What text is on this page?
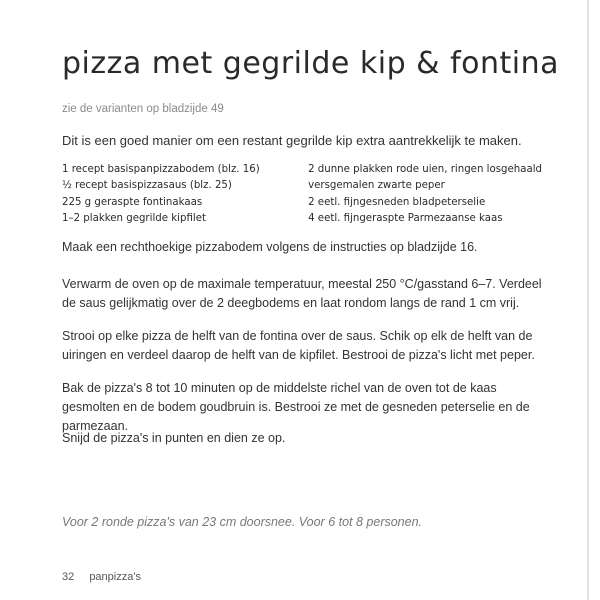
pizza met gegrilde kip & fontina
zie de varianten op bladzijde 49
Dit is een goed manier om een restant gegrilde kip extra aantrekkelijk te maken.
1 recept basispanpizzabodem (blz. 16)
½ recept basispizzasaus (blz. 25)
225 g geraspte fontinakaas
1–2 plakken gegrilde kipfilet
2 dunne plakken rode uien, ringen losgehaald
versgemalen zwarte peper
2 eetl. fijngesneden bladpeterselie
4 eetl. fijngeraspte Parmezaanse kaas
Maak een rechthoekige pizzabodem volgens de instructies op bladzijde 16.
Verwarm de oven op de maximale temperatuur, meestal 250 °C/gasstand 6–7. Verdeel de saus gelijkmatig over de 2 deegbodems en laat rondom langs de rand 1 cm vrij.
Strooi op elke pizza de helft van de fontina over de saus. Schik op elk de helft van de uiringen en verdeel daarop de helft van de kipfilet. Bestrooi de pizza's licht met peper.
Bak de pizza's 8 tot 10 minuten op de middelste richel van de oven tot de kaas gesmolten en de bodem goudbruin is. Bestrooi ze met de gesneden peterselie en de parmezaan.
Snijd de pizza's in punten en dien ze op.
Voor 2 ronde pizza's van 23 cm doorsnee. Voor 6 tot 8 personen.
32 panpizza's
